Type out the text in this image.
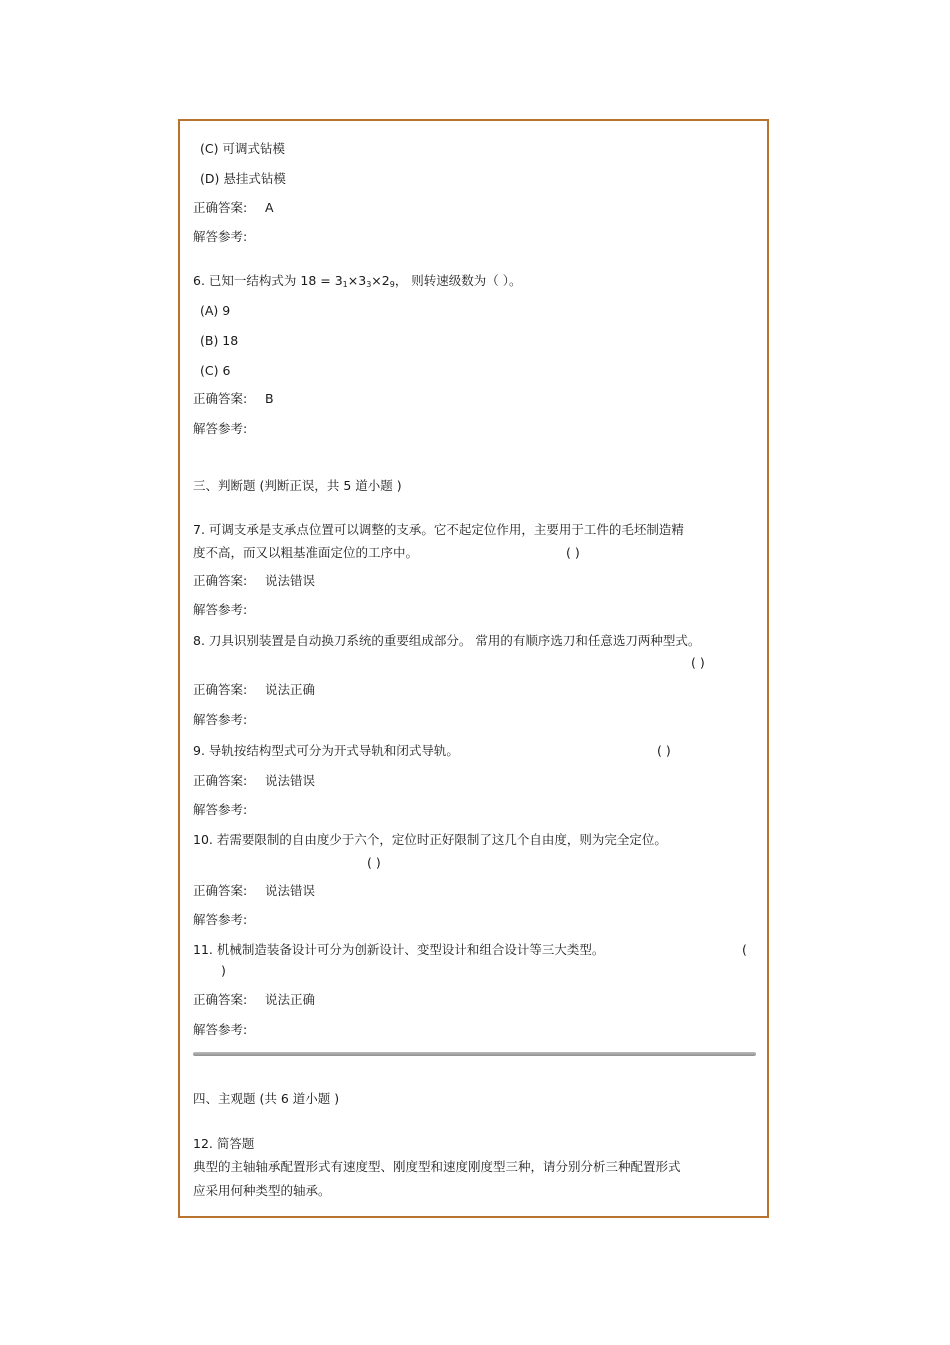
(C) 可调式钻模
(D) 悬挂式钻模
正确答案: A
解答参考:
6. 已知一结构式为 $18 = 3_1\times 3_3\times 2_9$， 则转速级数为（ ）。
(A) 9
(B) 18
(C) 6
正确答案: B
解答参考:
三、判断题 (判断正误，共 5 道小题 )
7. 可调支承是支承点位置可以调整的支承。它不起定位作用，主要用于工件的毛坯制造精
度不高，而又以粗基准面定位的工序中。	( )
正确答案: 说法错误
解答参考:
8. 刀具识别装置是自动换刀系统的重要组成部分。 常用的有顺序选刀和任意选刀两种型式。
( )
正确答案: 说法正确
解答参考:
9. 导轨按结构型式可分为开式导轨和闭式导轨。	( )
正确答案: 说法错误
解答参考:
10. 若需要限制的自由度少于六个，定位时正好限制了这几个自由度，则为完全定位。
( )
正确答案: 说法错误
解答参考:
11. 机械制造装备设计可分为创新设计、变型设计和组合设计等三大类型。	(
)
正确答案: 说法正确
解答参考:
四、主观题 (共 6 道小题 )
12. 简答题
典型的主轴轴承配置形式有速度型、刚度型和速度刚度型三种，请分别分析三种配置形式
应采用何种类型的轴承。
